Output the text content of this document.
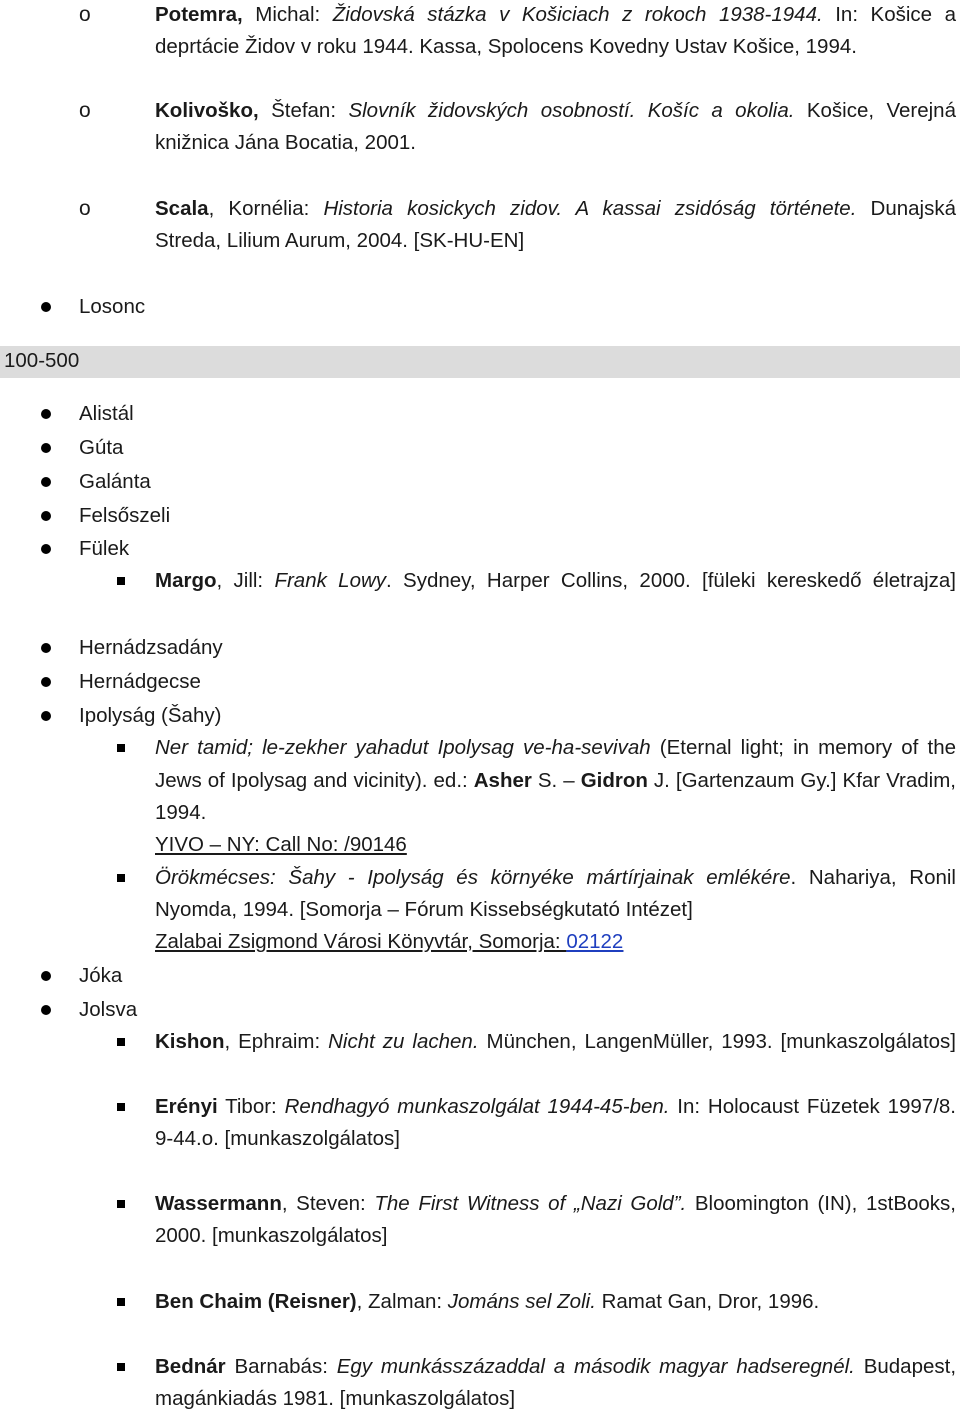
o	Potemra, Michal: Židovská stázka v Košiciach z rokoch 1938-1944. In: Košice a
deprtácie Židov v roku 1944. Kassa, Spolocens Kovedny Ustav Košice, 1994.
o	Kolivoško, Štefan: Slovník židovských osobností. Košíc a okolia. Košice, Verejná
knižnica Jána Bocatia, 2001.
o	Scala, Kornélia: Historia kosickych zidov. A kassai zsidóság története. Dunajská
Streda, Lilium Aurum, 2004. [SK-HU-EN]
Losonc
100-500
Alistál
Gúta
Galánta
Felsőszeli
Fülek
Margo, Jill: Frank Lowy. Sydney, Harper Collins, 2000. [füleki kereskedő életrajza]
Hernádzsadány
Hernádgecse
Ipolyság (Šahy)
Ner tamid; le-zekher yahadut Ipolysag ve-ha-sevivah (Eternal light; in memory of the
Jews of Ipolysag and vicinity). ed.: Asher S. – Gidron J. [Gartenzaum Gy.] Kfar Vradim,
1994.
YIVO – NY: Call No: /90146
Örökmécses: Šahy - Ipolyság és környéke mártírjainak emlékére. Nahariya, Ronil
Nyomda, 1994. [Somorja – Fórum Kissebségkutató Intézet]
Zalabai Zsigmond Városi Könyvtár, Somorja: 02122
Jóka
Jolsva
Kishon, Ephraim: Nicht zu lachen. München, LangenMüller, 1993. [munkaszolgálatos]
Erényi Tibor: Rendhagyó munkaszolgálat 1944-45-ben. In: Holocaust Füzetek 1997/8.
9-44.o. [munkaszolgálatos]
Wassermann, Steven: The First Witness of „Nazi Gold”. Bloomington (IN), 1stBooks,
2000. [munkaszolgálatos]
Ben Chaim (Reisner), Zalman: Jománs sel Zoli. Ramat Gan, Dror, 1996.
Bednár Barnabás: Egy munkásszázaddal a második magyar hadseregnél. Budapest,
magánkiadás 1981. [munkaszolgálatos]
